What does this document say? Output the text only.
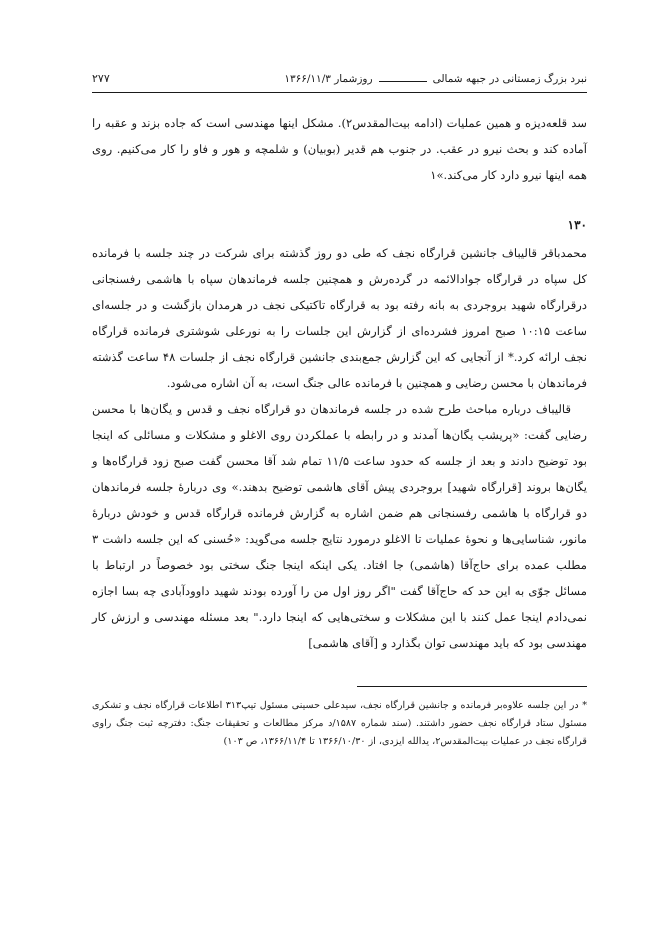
نبرد بزرگ زمستانی در جبهه شمالی
روزشمار ۱۳۶۶/۱۱/۳
۲۷۷

سد قلعه‌دیزه و همین عملیات (ادامه بیت‌المقدس۲). مشکل اینها مهندسی است که جاده بزند و عقبه را آماده کند و بحث نیرو در عقب. در جنوب هم قدیر (بوبیان) و شلمچه و هور و فاو را کار می‌کنیم. روی همه اینها نیرو دارد کار می‌کند.»۱

۱۳۰

محمدباقر قالیباف جانشین قرارگاه نجف که طی دو روز گذشته برای شرکت در چند جلسه با فرمانده کل سپاه در قرارگاه جوادالائمه در گردەرش و همچنین جلسه فرماندهان سپاه با هاشمی رفسنجانی درقرارگاه شهید بروجردی به بانه رفته بود به قرارگاه تاکتیکی نجف در هرمدان بازگشت و در جلسه‌ای ساعت ۱۰:۱۵ صبح امروز فشرده‌ای از گزارش این جلسات را به نورعلی شوشتری فرمانده قرارگاه نجف ارائه کرد.* از آنجایی که این گزارش جمع‌بندی جانشین قرارگاه نجف از جلسات ۴۸ ساعت گذشته فرماندهان با محسن رضایی و همچنین با فرمانده عالی جنگ است، به آن اشاره می‌شود.

قالیباف درباره مباحث طرح شده در جلسه فرماندهان دو قرارگاه نجف و قدس و یگان‌ها با محسن رضایی گفت: «پریشب یگان‌ها آمدند و در رابطه با عملکردن روی الاغلو و مشکلات و مسائلی که اینجا بود توضیح دادند و بعد از جلسه که حدود ساعت ۱۱/۵ تمام شد آقا محسن گفت صبح زود قرارگاه‌ها و یگان‌ها بروند [قرارگاه شهید] بروجردی پیش آقای هاشمی توضیح بدهند.» وی دربارهٔ جلسه فرماندهان دو قرارگاه با هاشمی رفسنجانی هم ضمن اشاره به گزارش فرمانده قرارگاه قدس و خودش دربارهٔ مانور، شناسایی‌ها و نحوهٔ عملیات تا الاغلو درمورد نتایج جلسه می‌گوید: «حُسنی که این جلسه داشت ۳ مطلب عمده برای حاج‌آقا (هاشمی) جا افتاد. یکی اینکه اینجا جنگ سختی بود خصوصاً در ارتباط با مسائل جوّی به این حد که حاج‌آقا گفت "اگر روز اول من را آورده بودند شهید داوودآبادی چه بسا اجازه نمی‌دادم اینجا عمل کنند با این مشکلات و سختی‌هایی که اینجا دارد." بعد مسئله مهندسی و ارزش کار مهندسی بود که باید مهندسی توان بگذارد و [آقای هاشمی]

* در این جلسه علاوه‌بر فرمانده و جانشین قرارگاه نجف، سیدعلی حسینی مسئول تیپ۳۱۳ اطلاعات قرارگاه نجف و تشکری مسئول ستاد قرارگاه نجف حضور داشتند. (سند شماره ۱۵۸۷/د مرکز مطالعات و تحقیقات جنگ: دفترچه ثبت جنگ راوی قرارگاه نجف در عملیات بیت‌المقدس۲، یدالله ایزدی، از ۱۳۶۶/۱۰/۳۰ تا ۱۳۶۶/۱۱/۴، ص ۱۰۳)
